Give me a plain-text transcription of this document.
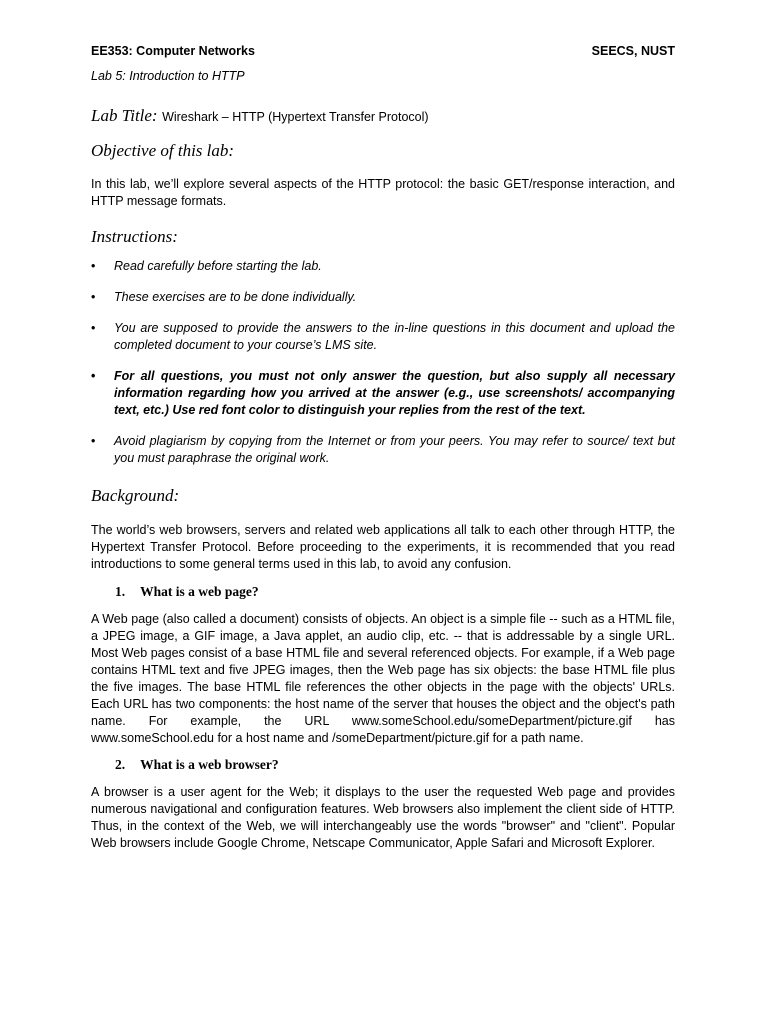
EE353: Computer Networks	SEECS, NUST
Lab 5: Introduction to HTTP
Lab Title: Wireshark – HTTP (Hypertext Transfer Protocol)
Objective of this lab:

In this lab, we’ll explore several aspects of the HTTP protocol: the basic GET/response interaction, and HTTP message formats.

Instructions:
• Read carefully before starting the lab.
• These exercises are to be done individually.
• You are supposed to provide the answers to the in-line questions in this document and upload the completed document to your course’s LMS site.
• For all questions, you must not only answer the question, but also supply all necessary information regarding how you arrived at the answer (e.g., use screenshots/ accompanying text, etc.) Use red font color to distinguish your replies from the rest of the text.
• Avoid plagiarism by copying from the Internet or from your peers. You may refer to source/ text but you must paraphrase the original work.
Background:

The world’s web browsers, servers and related web applications all talk to each other through HTTP, the Hypertext Transfer Protocol. Before proceeding to the experiments, it is recommended that you read introductions to some general terms used in this lab, to avoid any confusion.

1. What is a web page?

A Web page (also called a document) consists of objects. An object is a simple file -- such as a HTML file, a JPEG image, a GIF image, a Java applet, an audio clip, etc. -- that is addressable by a single URL. Most Web pages consist of a base HTML file and several referenced objects. For example, if a Web page contains HTML text and five JPEG images, then the Web page has six objects: the base HTML file plus the five images. The base HTML file references the other objects in the page with the objects' URLs. Each URL has two components: the host name of the server that houses the object and the object's path name. For example, the URL www.someSchool.edu/someDepartment/picture.gif has www.someSchool.edu for a host name and /someDepartment/picture.gif for a path name.

2. What is a web browser?

A browser is a user agent for the Web; it displays to the user the requested Web page and provides numerous navigational and configuration features. Web browsers also implement the client side of HTTP. Thus, in the context of the Web, we will interchangeably use the words "browser" and "client". Popular Web browsers include Google Chrome, Netscape Communicator, Apple Safari and Microsoft Explorer.
